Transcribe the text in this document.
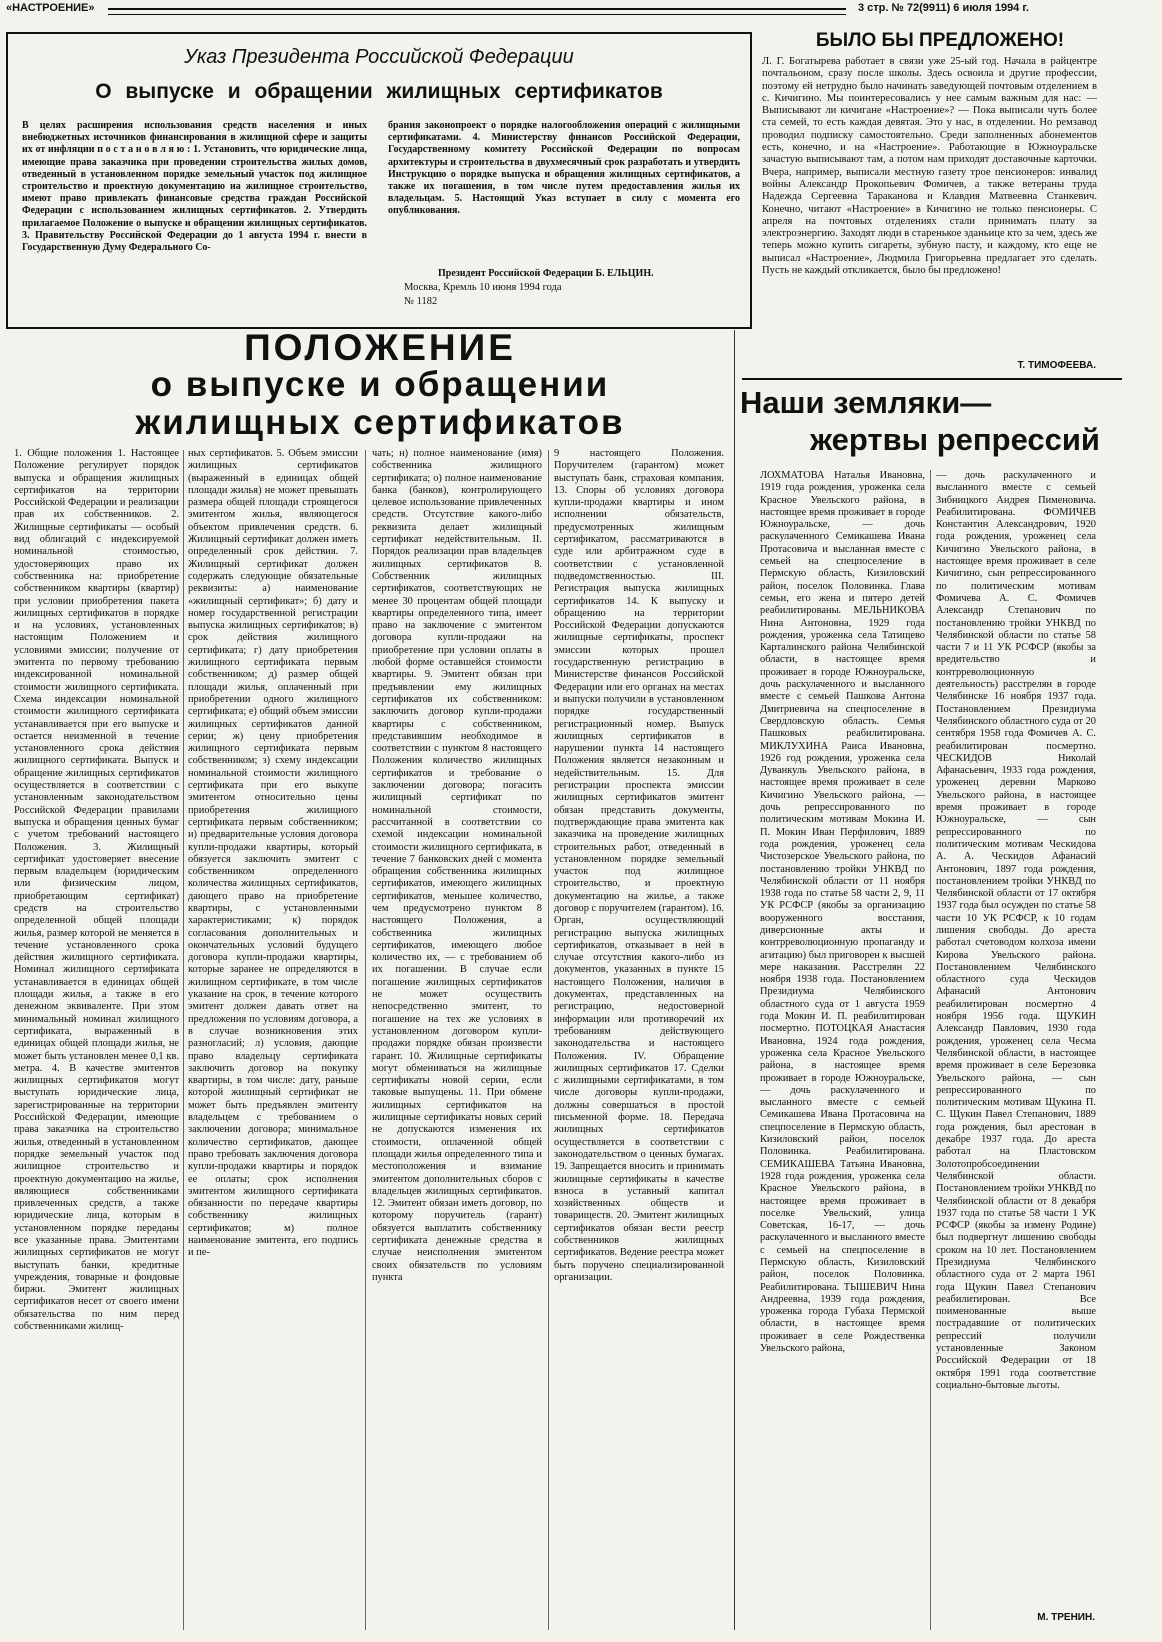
«НАСТРОЕНИЕ»	3 стр. № 72(9911) 6 июля 1994 г.
Указ Президента Российской Федерации
О выпуске и обращении жилищных сертификатов
В целях расширения использования средств населения и иных внебюджетных источников финансирования в жилищной сфере и защиты их от инфляции п о с т а н о в л я ю : 1. Установить, что юридические лица, имеющие права заказчика при проведении строительства жилых домов, отведенный в установленном порядке земельный участок под жилищное строительство и проектную документацию на жилищное строительство, имеют право привлекать финансовые средства граждан Российской Федерации с использованием жилищных сертификатов. 2. Утвердить прилагаемое Положение о выпуске и обращении жилищных сертификатов. 3. Правительству Российской Федерации до 1 августа 1994 г. внести в Государственную Думу Федерального Со-
брания законопроект о порядке налогообложения операций с жилищными сертификатами. 4. Министерству финансов Российской Федерации, Государственному комитету Российской Федерации по вопросам архитектуры и строительства в двухмесячный срок разработать и утвердить Инструкцию о порядке выпуска и обращения жилищных сертификатов, а также их погашения, в том числе путем предоставления жилья их владельцам. 5. Настоящий Указ вступает в силу с момента его опубликования.
Президент Российской Федерации Б. ЕЛЬЦИН.
Москва, Кремль 10 июня 1994 года
№ 1182
ПОЛОЖЕНИЕ
о выпуске и обращении
жилищных сертификатов
1. Общие положения 1. Настоящее Положение регулирует порядок выпуска и обращения жилищных сертификатов на территории Российской Федерации и реализации прав их собственников. 2. Жилищные сертификаты — особый вид облигаций с индексируемой номинальной стоимостью, удостоверяющих право их собственника на: приобретение собственником квартиры (квартир) при условии приобретения пакета жилищных сертификатов в порядке и на условиях, установленных настоящим Положением и условиями эмиссии; получение от эмитента по первому требованию индексированной номинальной стоимости жилищного сертификата. Схема индексации номинальной стоимости жилищного сертификата устанавливается при его выпуске и остается неизменной в течение установленного срока действия жилищного сертификата. Выпуск и обращение жилищных сертификатов осуществляется в соответствии с установленным законодательством Российской Федерации правилами выпуска и обращения ценных бумаг с учетом требований настоящего Положения. 3. Жилищный сертификат удостоверяет внесение первым владельцем (юридическим или физическим лицом, приобретающим сертификат) средств на строительство определенной общей площади жилья, размер которой не меняется в течение установленного срока действия жилищного сертификата. Номинал жилищного сертификата устанавливается в единицах общей площади жилья, а также в его денежном эквиваленте. При этом минимальный номинал жилищного сертификата, выраженный в единицах общей площади жилья, не может быть установлен менее 0,1 кв. метра. 4. В качестве эмитентов жилищных сертификатов могут выступать юридические лица, зарегистрированные на территории Российской Федерации, имеющие права заказчика на строительство жилья, отведенный в установленном порядке земельный участок под жилищное строительство и проектную документацию на жилье, являющиеся собственниками привлеченных средств, а также юридические лица, которым в установленном порядке переданы все указанные права. Эмитентами жилищных сертификатов не могут выступать банки, кредитные учреждения, товарные и фондовые биржи. Эмитент жилищных сертификатов несет от своего имени обязательства по ним перед собственниками жилищ-
ных сертификатов. 5. Объем эмиссии жилищных сертификатов (выраженный в единицах общей площади жилья) не может превышать размера общей площади строящегося эмитентом жилья, являющегося объектом привлечения средств. 6. Жилищный сертификат должен иметь определенный срок действия. 7. Жилищный сертификат должен содержать следующие обязательные реквизиты: а) наименование «жилищный сертификат»; б) дату и номер государственной регистрации выпуска жилищных сертификатов; в) срок действия жилищного сертификата; г) дату приобретения жилищного сертификата первым собственником; д) размер общей площади жилья, оплаченный при приобретении одного жилищного сертификата; е) общий объем эмиссии жилищных сертификатов данной серии; ж) цену приобретения жилищного сертификата первым собственником; з) схему индексации номинальной стоимости жилищного сертификата при его выкупе эмитентом относительно цены приобретения жилищного сертификата первым собственником; и) предварительные условия договора купли-продажи квартиры, который обязуется заключить эмитент с собственником определенного количества жилищных сертификатов, дающего право на приобретение квартиры, с установленными характеристиками; к) порядок согласования дополнительных и окончательных условий будущего договора купли-продажи квартиры, которые заранее не определяются в жилищном сертификате, в том числе указание на срок, в течение которого эмитент должен давать ответ на предложения по условиям договора, а в случае возникновения этих разногласий; л) условия, дающие право владельцу сертификата заключить договор на покупку квартиры, в том числе: дату, раньше которой жилищный сертификат не может быть предъявлен эмитенту владельцем с требованием о заключении договора; минимальное количество сертификатов, дающее право требовать заключения договора купли-продажи квартиры и порядок ее оплаты; срок исполнения эмитентом жилищного сертификата обязанности по передаче квартиры собственнику жилищных сертификатов; м) полное наименование эмитента, его подпись и пе-
чать; н) полное наименование (имя) собственника жилищного сертификата; о) полное наименование банка (банков), контролирующего целевое использование привлеченных средств. Отсутствие какого-либо реквизита делает жилищный сертификат недействительным. II. Порядок реализации прав владельцев жилищных сертификатов 8. Собственник жилищных сертификатов, соответствующих не менее 30 процентам общей площади квартиры определенного типа, имеет право на заключение с эмитентом договора купли-продажи на приобретение при условии оплаты в любой форме оставшейся стоимости квартиры. 9. Эмитент обязан при предъявлении ему жилищных сертификатов их собственником: заключить договор купли-продажи квартиры с собственником, представившим необходимое в соответствии с пунктом 8 настоящего Положения количество жилищных сертификатов и требование о заключении договора; погасить жилищный сертификат по номинальной стоимости, рассчитанной в соответствии со схемой индексации номинальной стоимости жилищного сертификата, в течение 7 банковских дней с момента обращения собственника жилищных сертификатов, имеющего жилищных сертификатов, меньшее количество, чем предусмотрено пунктом 8 настоящего Положения, а собственника жилищных сертификатов, имеющего любое количество их, — с требованием об их погашении. В случае если погашение жилищных сертификатов не может осуществить непосредственно эмитент, то погашение на тех же условиях в установленном договором купли-продажи порядке обязан произвести гарант. 10. Жилищные сертификаты могут обмениваться на жилищные сертификаты новой серии, если таковые выпущены. 11. При обмене жилищных сертификатов на жилищные сертификаты новых серий не допускаются изменения их стоимости, оплаченной общей площади жилья определенного типа и местоположения и взимание эмитентом дополнительных сборов с владельцев жилищных сертификатов. 12. Эмитент обязан иметь договор, по которому поручитель (гарант) обязуется выплатить собственнику сертификата денежные средства в случае неисполнения эмитентом своих обязательств по условиям пункта
9 настоящего Положения. Поручителем (гарантом) может выступать банк, страховая компания. 13. Споры об условиях договора купли-продажи квартиры и ином исполнении обязательств, предусмотренных жилищным сертификатом, рассматриваются в суде или арбитражном суде в соответствии с установленной подведомственностью. III. Регистрация выпуска жилищных сертификатов 14. К выпуску и обращению на территории Российской Федерации допускаются жилищные сертификаты, проспект эмиссии которых прошел государственную регистрацию в Министерстве финансов Российской Федерации или его органах на местах и выпуски получили в установленном порядке государственный регистрационный номер. Выпуск жилищных сертификатов в нарушении пункта 14 настоящего Положения является незаконным и недействительным. 15. Для регистрации проспекта эмиссии жилищных сертификатов эмитент обязан представить документы, подтверждающие права эмитента как заказчика на проведение жилищных строительных работ, отведенный в установленном порядке земельный участок под жилищное строительство, и проектную документацию на жилье, а также договор с поручителем (гарантом). 16. Орган, осуществляющий регистрацию выпуска жилищных сертификатов, отказывает в ней в случае отсутствия какого-либо из документов, указанных в пункте 15 настоящего Положения, наличия в документах, представленных на регистрацию, недостоверной информации или противоречий их требованиям действующего законодательства и настоящего Положения. IV. Обращение жилищных сертификатов 17. Сделки с жилищными сертификатами, в том числе договоры купли-продажи, должны совершаться в простой письменной форме. 18. Передача жилищных сертификатов осуществляется в соответствии с законодательством о ценных бумагах. 19. Запрещается вносить и принимать жилищные сертификаты в качестве взноса в уставный капитал хозяйственных обществ и товариществ. 20. Эмитент жилищных сертификатов обязан вести реестр собственников жилищных сертификатов. Ведение реестра может быть поручено специализированной организации.
БЫЛО БЫ ПРЕДЛОЖЕНО!
Л. Г. Богатырева работает в связи уже 25-ый год. Начала в райцентре почтальоном, сразу после школы. Здесь освоила и другие профессии, поэтому ей нетрудно было начинать заведующей почтовым отделением в с. Кичигино. Мы поинтересовались у нее самым важным для нас: — Выписывают ли кичигане «Настроение»? — Пока выписали чуть более ста семей, то есть каждая девятая. Это у нас, в отделении. Но ремзавод проводил подписку самостоятельно. Среди заполненных абонементов есть, конечно, и на «Настроение». Работающие в Южноуральске зачастую выписывают там, а потом нам приходят доставочные карточки. Вчера, например, выписали местную газету трое пенсионеров: инвалид войны Александр Прокопьевич Фомичев, а также ветераны труда Надежда Сергеевна Тараканова и Клавдия Матвеевна Станкевич. Конечно, читают «Настроение» в Кичигино не только пенсионеры. С апреля на почтовых отделениях стали принимать плату за электроэнергию. Заходят люди в старенькое зданьице кто за чем, здесь же теперь можно купить сигареты, зубную пасту, и каждому, кто еще не выписал «Настроение», Людмила Григорьевна предлагает это сделать. Пусть не каждый откликается, было бы предложено!
Т. ТИМОФЕЕВА.
Наши земляки—
жертвы репрессий
ЛОХМАТОВА Наталья Ивановна, 1919 года рождения, уроженка села Красное Увельского района, в настоящее время проживает в городе Южноуральске, — дочь раскулаченного Семикашева Ивана Протасовича и высланная вместе с семьей на спецпоселение в Пермскую область, Кизиловский район, поселок Половинка. Глава семьи, его жена и пятеро детей реабилитированы. МЕЛЬНИКОВА Нина Антоновна, 1929 года рождения, уроженка села Татищево Карталинского района Челябинской области, в настоящее время проживает в городе Южноуральске, дочь раскулаченного и высланного вместе с семьей Пашкова Антона Дмитриевича на спецпоселение в Свердловскую область. Семья Пашковых реабилитирована. МИКЛУХИНА Раиса Ивановна, 1926 год рождения, уроженка села Дуванкуль Увельского района, в настоящее время проживает в селе Кичигино Увельского района, — дочь репрессированного по политическим мотивам Мокина И. П. Мокин Иван Перфилович, 1889 года рождения, уроженец села Чистозерское Увельского района, по постановлению тройки УНКВД по Челябинской области от 11 ноября 1938 года по статье 58 части 2, 9, 11 УК РСФСР (якобы за организацию вооруженного восстания, диверсионные акты и контрреволюционную пропаганду и агитацию) был приговорен к высшей мере наказания. Расстрелян 22 ноября 1938 года. Постановлением Президиума Челябинского областного суда от 1 августа 1959 года Мокин И. П. реабилитирован посмертно. ПОТОЦКАЯ Анастасия Ивановна, 1924 года рождения, уроженка села Красное Увельского района, в настоящее время проживает в городе Южноуральске, — дочь раскулаченного и высланного вместе с семьей Семикашева Ивана Протасовича на спецпоселение в Пермскую область, Кизиловский район, поселок Половинка. Реабилитирована. СЕМИКАШЕВА Татьяна Ивановна, 1928 года рождения, уроженка села Красное Увельского района, в настоящее время проживает в поселке Увельский, улица Советская, 16-17, — дочь раскулаченного и высланного вместе с семьей на спецпоселение в Пермскую область, Кизиловский район, поселок Половинка. Реабилитирована. ТЫШЕВИЧ Нина Андреевна, 1939 года рождения, уроженка города Губаха Пермской области, в настоящее время проживает в селе Рождественка Увельского района,
— дочь раскулаченного и высланного вместе с семьей Зибницкого Андрея Пименовича. Реабилитирована. ФОМИЧЕВ Константин Александрович, 1920 года рождения, уроженец села Кичигино Увельского района, в настоящее время проживает в селе Кичигино, сын репрессированного по политическим мотивам Фомичева А. С. Фомичев Александр Степанович по постановлению тройки УНКВД по Челябинской области по статье 58 части 7 и 11 УК РСФСР (якобы за вредительство и контрреволюционную деятельность) расстрелян в городе Челябинске 16 ноября 1937 года. Постановлением Президиума Челябинского областного суда от 20 сентября 1958 года Фомичев А. С. реабилитирован посмертно. ЧЕСКИДОВ Николай Афанасьевич, 1933 года рождения, уроженец деревни Марково Увельского района, в настоящее время проживает в городе Южноуральске, — сын репрессированного по политическим мотивам Ческидова А. А. Ческидов Афанасий Антонович, 1897 года рождения, постановлением тройки УНКВД по Челябинской области от 17 октября 1937 года был осужден по статье 58 части 10 УК РСФСР, к 10 годам лишения свободы. До ареста работал счетоводом колхоза имени Кирова Увельского района. Постановлением Челябинского областного суда Ческидов Афанасий Антонович реабилитирован посмертно 4 ноября 1956 года. ЩУКИН Александр Павлович, 1930 года рождения, уроженец села Чесма Челябинской области, в настоящее время проживает в селе Березовка Увельского района, — сын репрессированного по политическим мотивам Щукина П. С. Щукин Павел Степанович, 1889 года рождения, был арестован в декабре 1937 года. До ареста работал на Пластовском Золотопробсоединении Челябинской области. Постановлением тройки УНКВД по Челябинской области от 8 декабря 1937 года по статье 58 части 1 УК РСФСР (якобы за измену Родине) был подвергнут лишению свободы сроком на 10 лет. Постановлением Президиума Челябинского областного суда от 2 марта 1961 года Щукин Павел Степанович реабилитирован. Все поименованные выше пострадавшие от политических репрессий получили установленные Законом Российской Федерации от 18 октября 1991 года соответствие социально-бытовые льготы.
М. ТРЕНИН.
